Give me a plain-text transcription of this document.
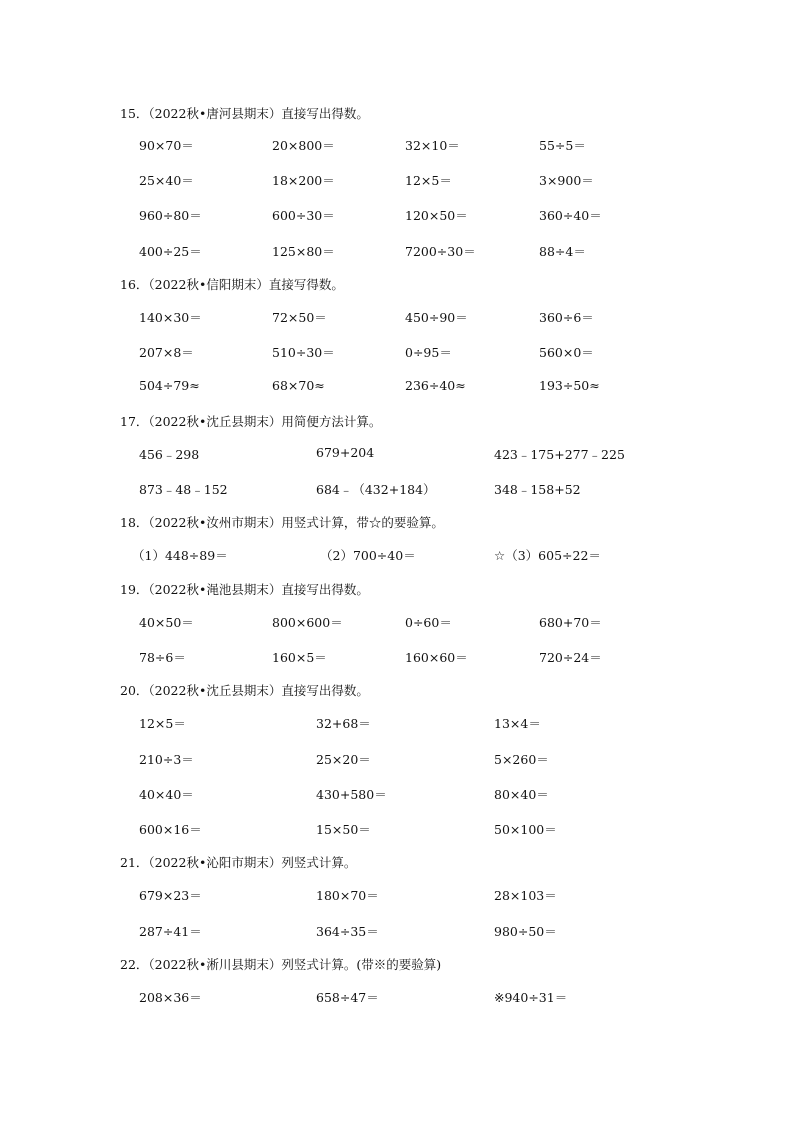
15．（2022秋•唐河县期末）直接写出得数。
90×70＝	20×800＝	32×10＝	55÷5＝
25×40＝	18×200＝	12×5＝	3×900＝
960÷80＝	600÷30＝	120×50＝	360÷40＝
400÷25＝	125×80＝	7200÷30＝	88÷4＝
16．（2022秋•信阳期末）直接写得数。
140×30＝	72×50＝	450÷90＝	360÷6＝
207×8＝	510÷30＝	0÷95＝	560×0＝
504÷79≈	68×70≈	236÷40≈	193÷50≈
17．（2022秋•沈丘县期末）用简便方法计算。
456﹣298	679+204	423﹣175+277﹣225
873﹣48﹣152	684﹣（432+184）	348﹣158+52
18．（2022秋•汝州市期末）用竖式计算，带☆的要验算。
（1）448÷89＝	（2）700÷40＝	☆（3）605÷22＝
19．（2022秋•渑池县期末）直接写出得数。
40×50＝	800×600＝	0÷60＝	680+70＝
78÷6＝	160×5＝	160×60＝	720÷24＝
20．（2022秋•沈丘县期末）直接写出得数。
12×5＝	32+68＝	13×4＝
210÷3＝	25×20＝	5×260＝
40×40＝	430+580＝	80×40＝
600×16＝	15×50＝	50×100＝
21．（2022秋•沁阳市期末）列竖式计算。
679×23＝	180×70＝	28×103＝
287÷41＝	364÷35＝	980÷50＝
22．（2022秋•淅川县期末）列竖式计算。(带※的要验算)
208×36＝	658÷47＝	※940÷31＝
